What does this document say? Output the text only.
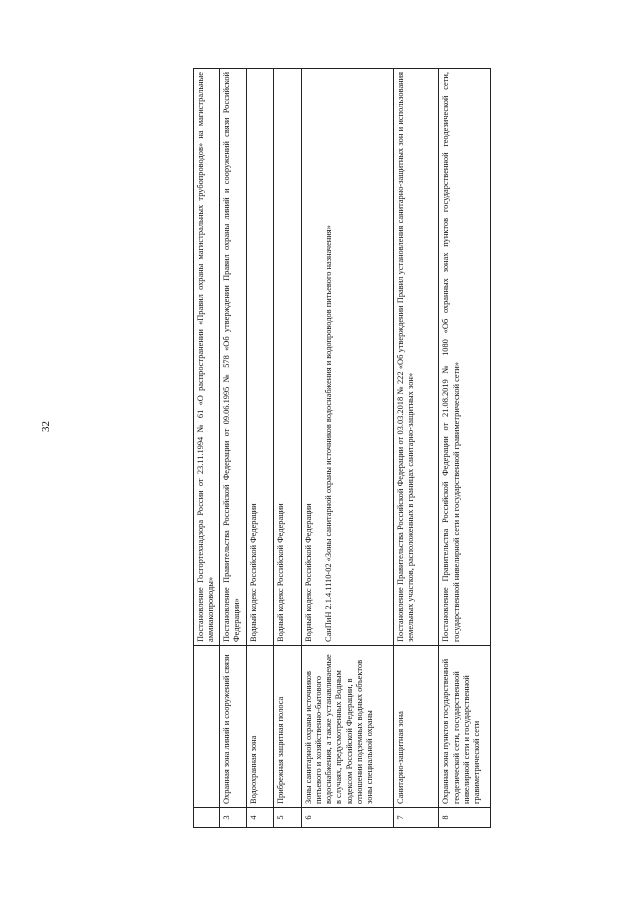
32

		Постановление Госгортехнадзора России от 23.11.1994 № 61 «О распространении «Правил охраны магистральных трубопроводов» на магистральные аммиакопроводы»

3	Охранная зона линий и сооружений связи	Постановление Правительства Российской Федерации от 09.06.1995 № 578 «Об утверждении Правил охраны линий и сооружений связи Российской Федерации»

4	Водоохранная зона	Водный кодекс Российской Федерации

5	Прибрежная защитная полоса	Водный кодекс Российской Федерации

6	Зоны санитарной охраны источников питьевого и хозяйственно-бытового водоснабжения, а также устанавливаемые в случаях, предусмотренных Водным кодексом Российской Федерации, в отношении подземных водных объектов зоны специальной охраны	Водный кодекс Российской Федерации СанПиН 2.1.4.1110-02 «Зоны санитарной охраны источников водоснабжения и водопроводов питьевого назначения»

7	Санитарно-защитная зона	Постановление Правительства Российской Федерации от 03.03.2018 № 222 «Об утверждении Правил установления санитарно-защитных зон и использования земельных участков, расположенных в границах санитарно-защитных зон»

8	Охранная зона пунктов государственной геодезической сети, государственной нивелирной сети и государственной гравиметрической сети	Постановление Правительства Российской Федерации от 21.08.2019 № 1080 «Об охранных зонах пунктов государственной геодезической сети, государственной нивелирной сети и государственной гравиметрической сети»
